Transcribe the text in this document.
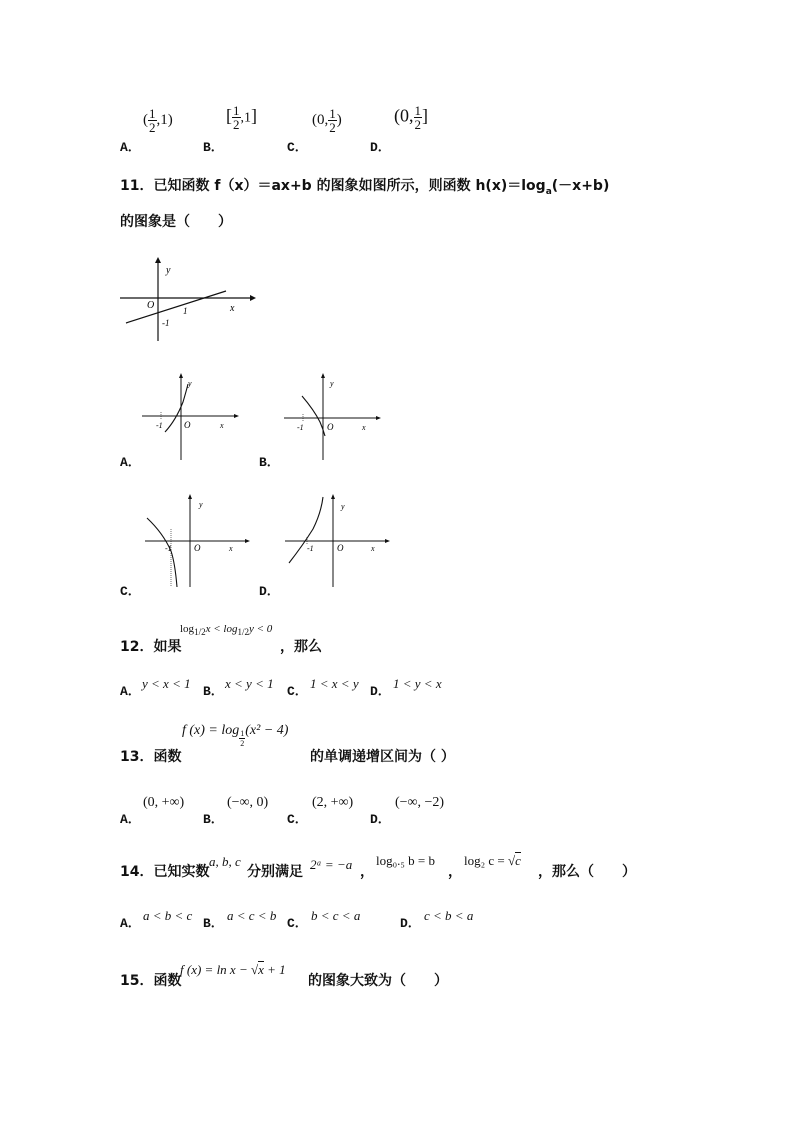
A．
( $\frac{1}{2} ,1$)
B．
[ $\frac{1}{2} ,1$]
C．
(0, $\frac{1}{2}$ )
D．
(0, $\frac{1}{2}$ ]
11．已知函数 f（x）＝ax+b 的图象如图所示，则函数 $h(x)=\log_a(-x+b)$
的图象是（　　）
y
x
O	1
-1
y
x
O
-1
A．
y
x
O
-1
B．
y
x
O
-1
C．
y
x
O
-1
D．
12．如果
$\log_{1/2}x < \log_{1/2}y < 0$
，那么
A．
y < x < 1
B．
x < y < 1
C．
1 < x < y
D．
1 < y < x
13．函数
f $(x) = \log \frac{1}{2} (x^2 - 4)$
的单调递增区间为（ ）
A．
(0, +∞)
B．
(−∞, 0)
C．
(2, +∞)
D．
(−∞, −2)
14．已知实数
a, b, c
分别满足 2ᵃ = −a ，
log₀.₅ b = b
，
log₂ c = √c
，那么（　　）
A．
a < b < c
B．
a < c < b
C．
b < c < a
D．
c < b < a
15．函数
f (x) = ln x − √x + 1
的图象大致为（　　）
